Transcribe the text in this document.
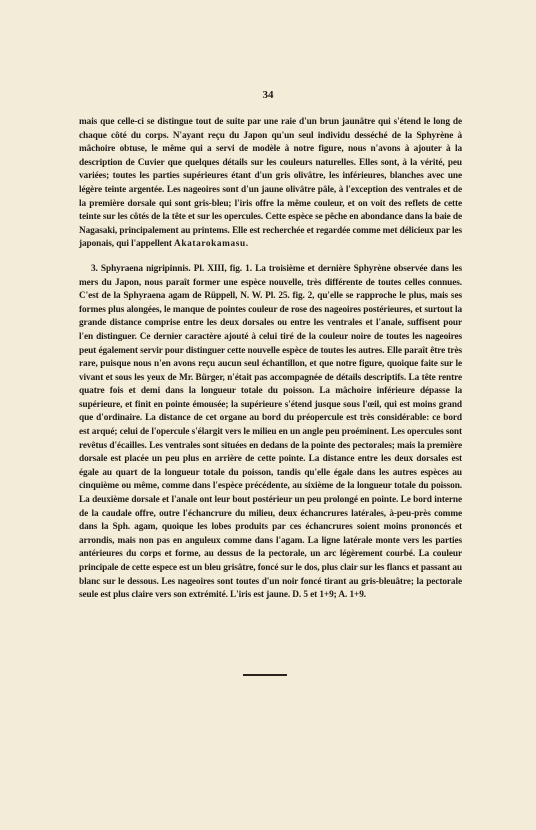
34

mais que celle-ci se distingue tout de suite par une raie d'un brun jaunâtre qui s'étend le long de chaque côté du corps. N'ayant reçu du Japon qu'un seul individu desséché de la Sphyrène à mâchoire obtuse, le même qui a servi de modèle à notre figure, nous n'avons à ajouter à la description de Cuvier que quelques détails sur les couleurs naturelles. Elles sont, à la vérité, peu variées; toutes les parties supérieures étant d'un gris olivâtre, les inférieures, blanches avec une légère teinte argentée. Les nageoires sont d'un jaune olivâtre pâle, à l'exception des ventrales et de la première dorsale qui sont gris-bleu; l'iris offre la même couleur, et on voit des reflets de cette teinte sur les côtés de la tête et sur les opercules. Cette espèce se pêche en abondance dans la baie de Nagasaki, principalement au printems. Elle est recherchée et regardée comme met délicieux par les japonais, qui l'appellent Akatarokamasu.

3. Sphyraena nigripinnis. Pl. XIII, fig. 1. La troisième et dernière Sphyrène observée dans les mers du Japon, nous paraît former une espèce nouvelle, très différente de toutes celles connues. C'est de la Sphyraena agam de Rüppell, N. W. Pl. 25. fig. 2, qu'elle se rapproche le plus, mais ses formes plus alongées, le manque de pointes couleur de rose des nageoires postérieures, et surtout la grande distance comprise entre les deux dorsales ou entre les ventrales et l'anale, suffisent pour l'en distinguer. Ce dernier caractère ajouté à celui tiré de la couleur noire de toutes les nageoires peut également servir pour distinguer cette nouvelle espèce de toutes les autres. Elle paraît être très rare, puisque nous n'en avons reçu aucun seul échantillon, et que notre figure, quoique faite sur le vivant et sous les yeux de Mr. Bürger, n'était pas accompagnée de détails descriptifs. La tête rentre quatre fois et demi dans la longueur totale du poisson. La mâchoire inférieure dépasse la supérieure, et finit en pointe émousée; la supérieure s'étend jusque sous l'œil, qui est moins grand que d'ordinaire. La distance de cet organe au bord du préopercule est très considérable: ce bord est arqué; celui de l'opercule s'élargit vers le milieu en un angle peu proéminent. Les opercules sont revêtus d'écailles. Les ventrales sont situées en dedans de la pointe des pectorales; mais la première dorsale est placée un peu plus en arrière de cette pointe. La distance entre les deux dorsales est égale au quart de la longueur totale du poisson, tandis qu'elle égale dans les autres espèces au cinquième ou même, comme dans l'espèce précédente, au sixième de la longueur totale du poisson. La deuxième dorsale et l'anale ont leur bout postérieur un peu prolongé en pointe. Le bord interne de la caudale offre, outre l'échancrure du milieu, deux échancrures latérales, à-peu-près comme dans la Sph. agam, quoique les lobes produits par ces échancrures soient moins prononcés et arrondis, mais non pas en anguleux comme dans l'agam. La ligne latérale monte vers les parties antérieures du corps et forme, au dessus de la pectorale, un arc légèrement courbé. La couleur principale de cette espece est un bleu grisâtre, foncé sur le dos, plus clair sur les flancs et passant au blanc sur le dessous. Les nageoires sont toutes d'un noir foncé tirant au gris-bleuâtre; la pectorale seule est plus claire vers son extrémité. L'iris est jaune. D. 5 et 1+9; A. 1+9.
